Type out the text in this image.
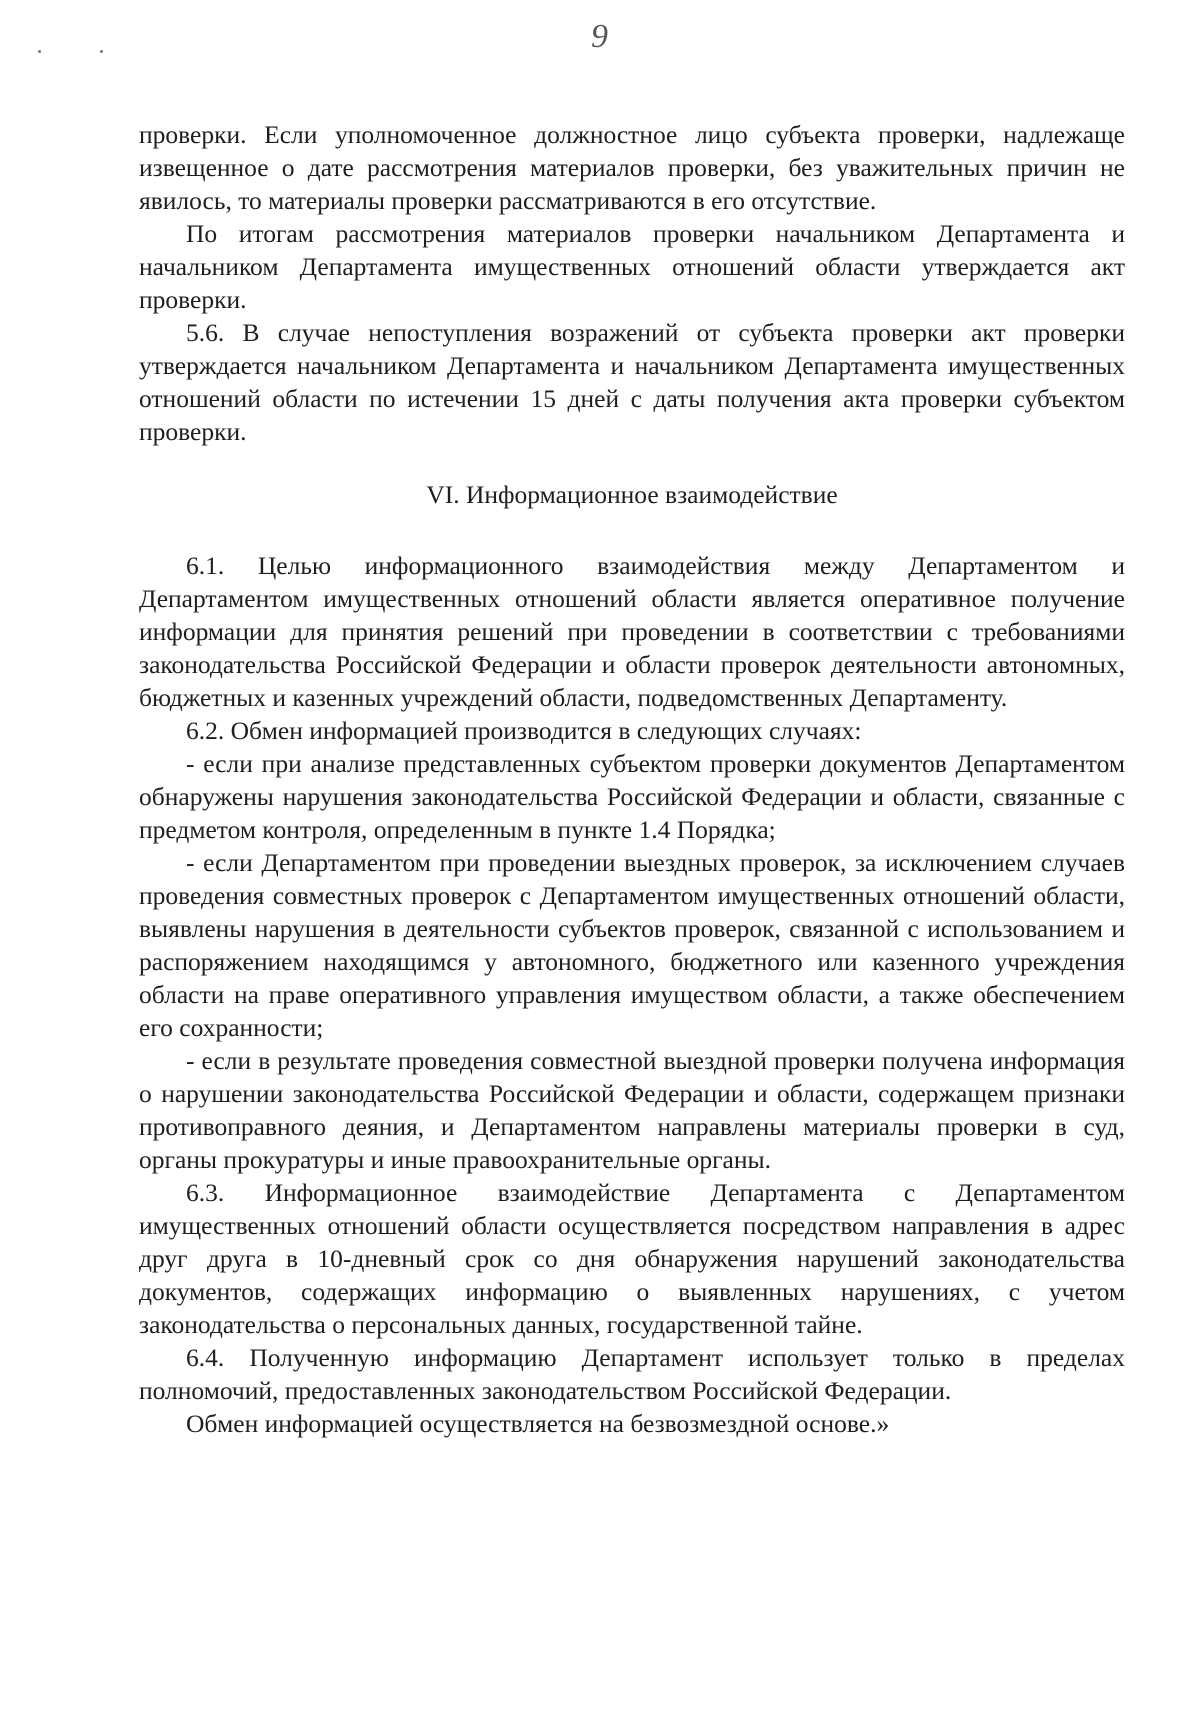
9

проверки. Если уполномоченное должностное лицо субъекта проверки, надлежаще извещенное о дате рассмотрения материалов проверки, без уважительных причин не явилось, то материалы проверки рассматриваются в его отсутствие.

По итогам рассмотрения материалов проверки начальником Департамента и начальником Департамента имущественных отношений области утверждается акт проверки.

5.6. В случае непоступления возражений от субъекта проверки акт проверки утверждается начальником Департамента и начальником Департамента имущественных отношений области по истечении 15 дней с даты получения акта проверки субъектом проверки.

VI. Информационное взаимодействие

6.1. Целью информационного взаимодействия между Департаментом и Департаментом имущественных отношений области является оперативное получение информации для принятия решений при проведении в соответствии с требованиями законодательства Российской Федерации и области проверок деятельности автономных, бюджетных и казенных учреждений области, подведомственных Департаменту.

6.2. Обмен информацией производится в следующих случаях:

- если при анализе представленных субъектом проверки документов Департаментом обнаружены нарушения законодательства Российской Федерации и области, связанные с предметом контроля, определенным в пункте 1.4 Порядка;

- если Департаментом при проведении выездных проверок, за исключением случаев проведения совместных проверок с Департаментом имущественных отношений области, выявлены нарушения в деятельности субъектов проверок, связанной с использованием и распоряжением находящимся у автономного, бюджетного или казенного учреждения области на праве оперативного управления имуществом области, а также обеспечением его сохранности;

- если в результате проведения совместной выездной проверки получена информация о нарушении законодательства Российской Федерации и области, содержащем признаки противоправного деяния, и Департаментом направлены материалы проверки в суд, органы прокуратуры и иные правоохранительные органы.

6.3. Информационное взаимодействие Департамента с Департаментом имущественных отношений области осуществляется посредством направления в адрес друг друга в 10-дневный срок со дня обнаружения нарушений законодательства документов, содержащих информацию о выявленных нарушениях, с учетом законодательства о персональных данных, государственной тайне.

6.4. Полученную информацию Департамент использует только в пределах полномочий, предоставленных законодательством Российской Федерации.

Обмен информацией осуществляется на безвозмездной основе.»
